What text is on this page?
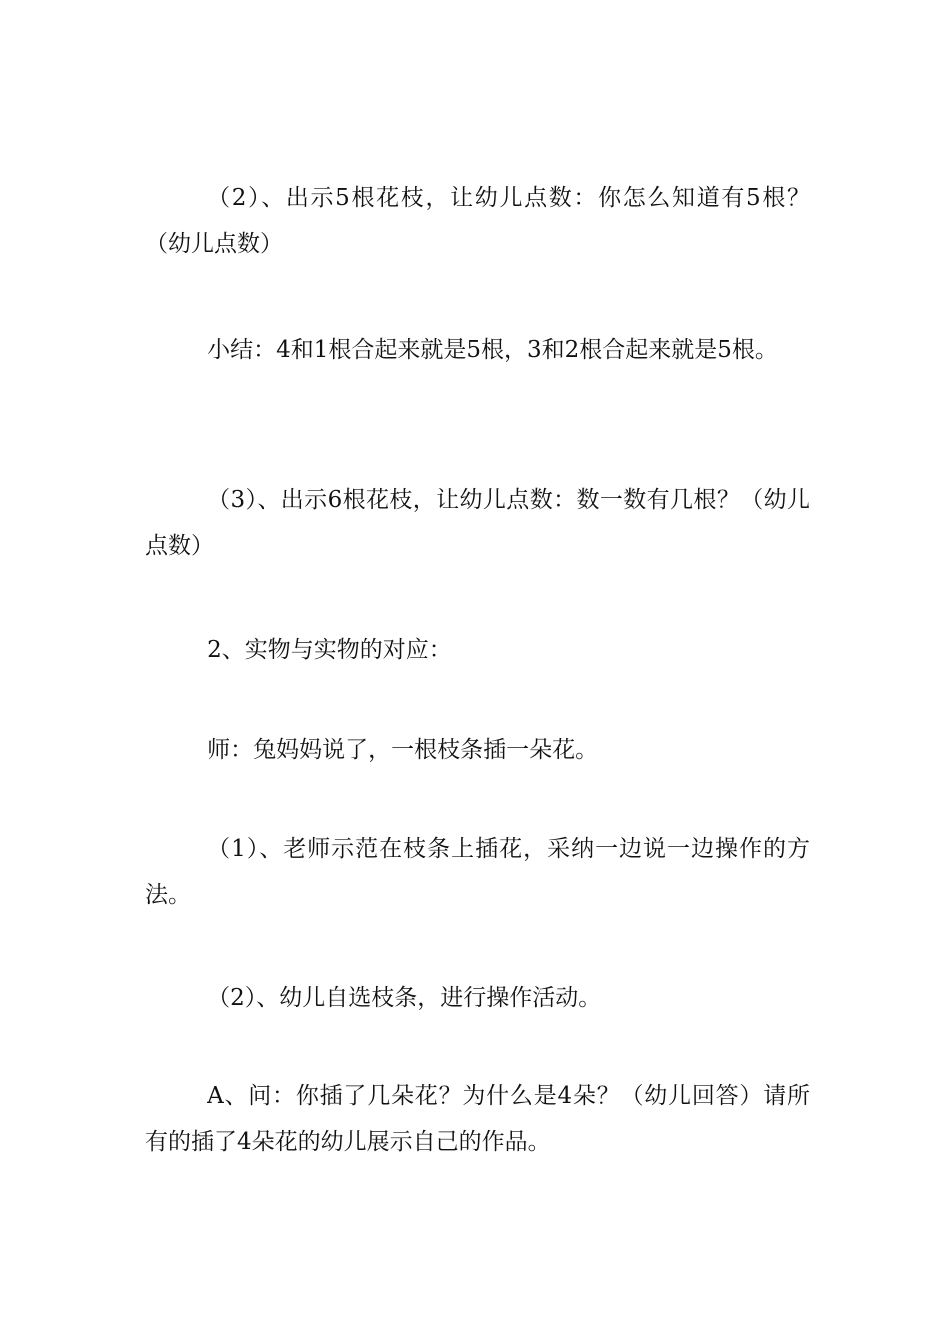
（2）、出示5根花枝，让幼儿点数：你怎么知道有5根？（幼儿点数）

小结：4和1根合起来就是5根，3和2根合起来就是5根。

（3）、出示6根花枝，让幼儿点数：数一数有几根？（幼儿点数）

2、实物与实物的对应：

师：兔妈妈说了，一根枝条插一朵花。

（1）、老师示范在枝条上插花，采纳一边说一边操作的方法。

（2）、幼儿自选枝条，进行操作活动。

A、问：你插了几朵花？为什么是4朵？（幼儿回答）请所有的插了4朵花的幼儿展示自己的作品。
